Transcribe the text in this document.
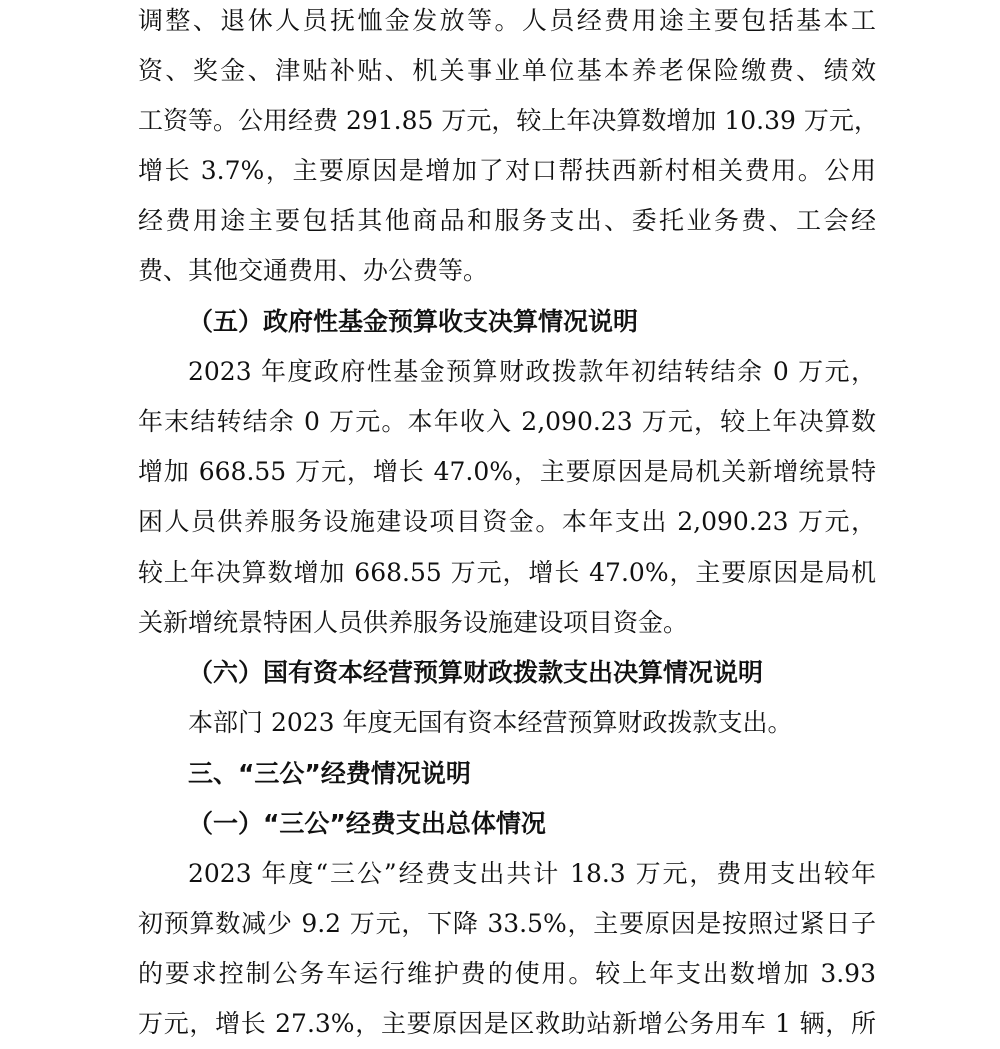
调整、退休人员抚恤金发放等。人员经费用途主要包括基本工
资、奖金、津贴补贴、机关事业单位基本养老保险缴费、绩效
工资等。公用经费 291.85 万元，较上年决算数增加 10.39 万元，
增长 3.7%，主要原因是增加了对口帮扶西新村相关费用。公用
经费用途主要包括其他商品和服务支出、委托业务费、工会经
费、其他交通费用、办公费等。
（五）政府性基金预算收支决算情况说明
2023 年度政府性基金预算财政拨款年初结转结余 0 万元，
年末结转结余 0 万元。本年收入 2,090.23 万元，较上年决算数
增加 668.55 万元，增长 47.0%，主要原因是局机关新增统景特
困人员供养服务设施建设项目资金。本年支出 2,090.23 万元，
较上年决算数增加 668.55 万元，增长 47.0%，主要原因是局机
关新增统景特困人员供养服务设施建设项目资金。
（六）国有资本经营预算财政拨款支出决算情况说明
本部门 2023 年度无国有资本经营预算财政拨款支出。
三、“三公”经费情况说明
（一）“三公”经费支出总体情况
2023 年度“三公”经费支出共计 18.3 万元，费用支出较年
初预算数减少 9.2 万元，下降 33.5%，主要原因是按照过紧日子
的要求控制公务车运行维护费的使用。较上年支出数增加 3.93
万元，增长 27.3%，主要原因是区救助站新增公务用车 1 辆，所
